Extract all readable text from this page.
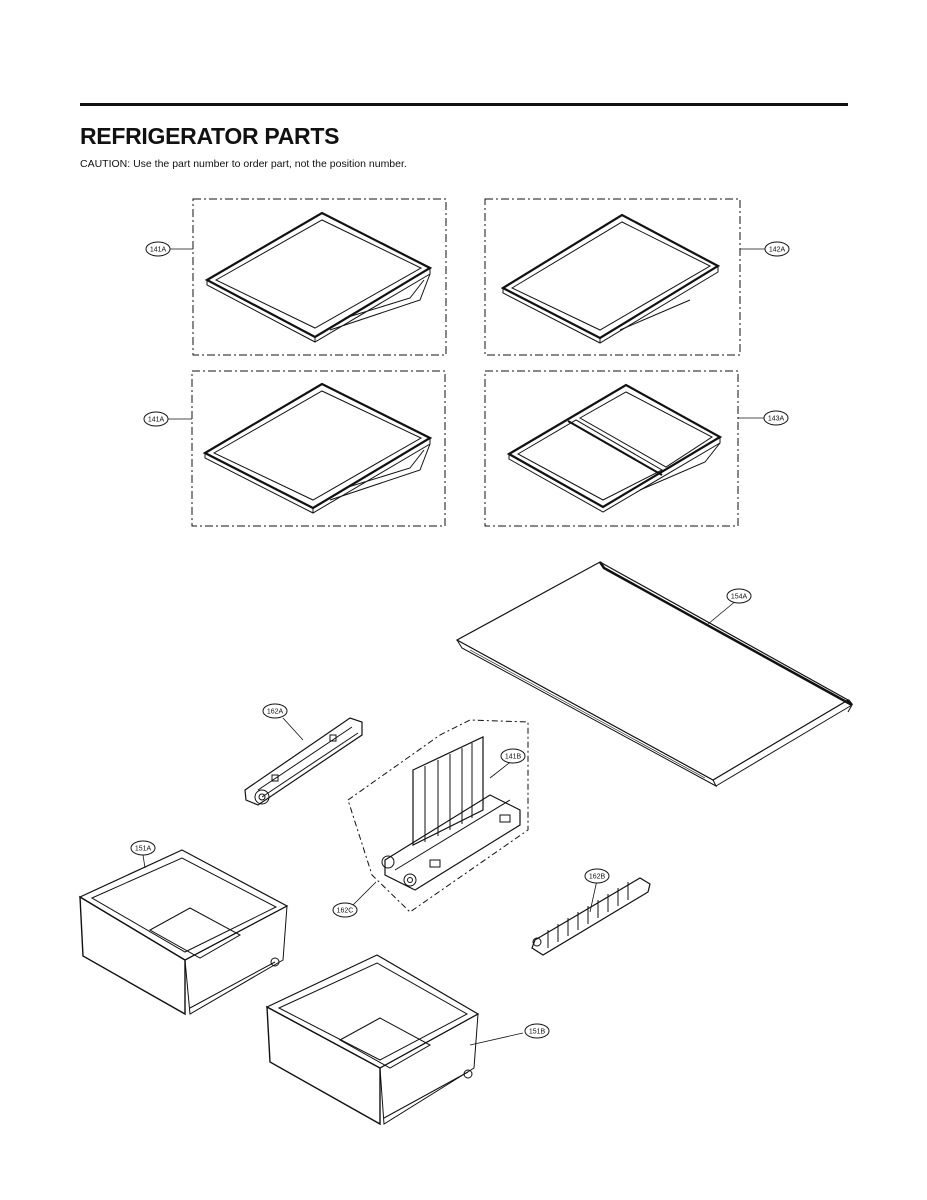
REFRIGERATOR PARTS
CAUTION: Use the part number to order part, not the position number.
141A	142A
141A	143A
154A
162A
141B
162C
162B
151A
151B
